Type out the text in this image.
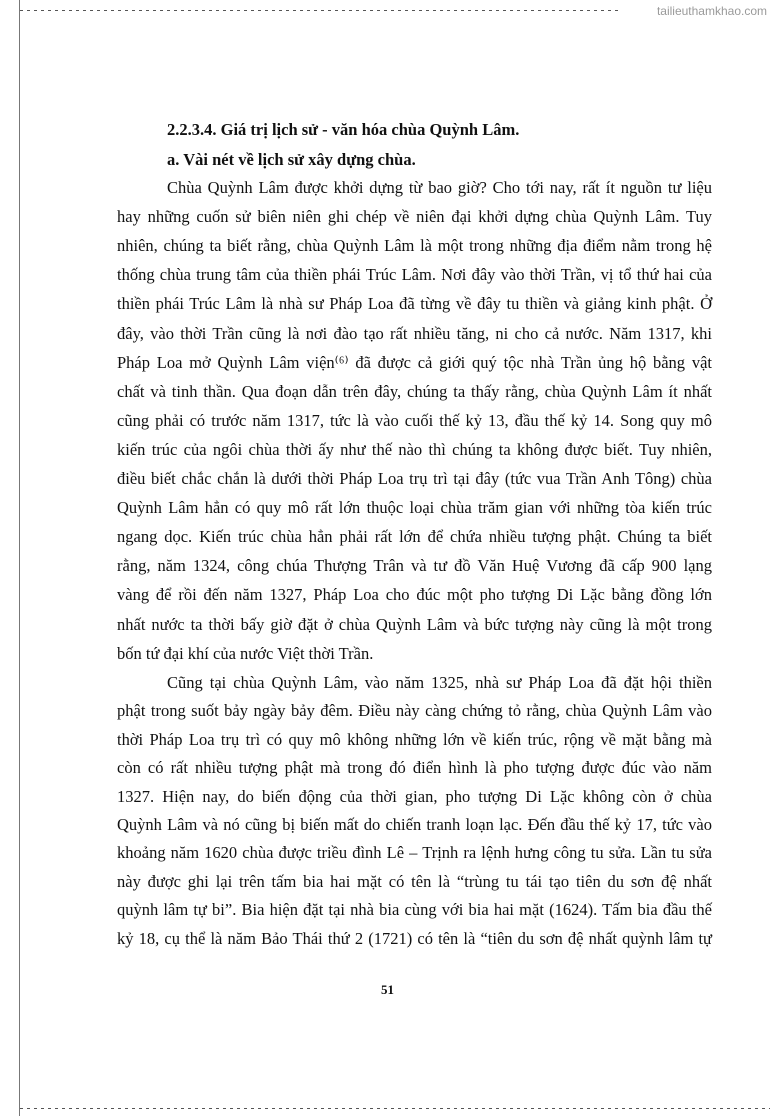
tailieuthamkhao.com
2.2.3.4. Giá trị lịch sử - văn hóa chùa Quỳnh Lâm.
a. Vài nét về lịch sử xây dựng chùa.
Chùa Quỳnh Lâm được khởi dựng từ bao giờ? Cho tới nay, rất ít nguồn tư liệu
hay những cuốn sử biên niên ghi chép về niên đại khởi dựng chùa Quỳnh Lâm. Tuy
nhiên, chúng ta biết rằng, chùa Quỳnh Lâm là một trong những địa điểm nằm trong hệ
thống chùa trung tâm của thiền phái Trúc Lâm. Nơi đây vào thời Trần, vị tổ thứ hai của
thiền phái Trúc Lâm là nhà sư Pháp Loa đã từng về đây tu thiền và giảng kinh phật. Ở
đây, vào thời Trần cũng là nơi đào tạo rất nhiều tăng, ni cho cả nước. Năm 1317, khi
Pháp Loa mở Quỳnh Lâm viện⁽⁶⁾ đã được cả giới quý tộc nhà Trần ủng hộ bằng vật
chất và tinh thần. Qua đoạn dẫn trên đây, chúng ta thấy rằng, chùa Quỳnh Lâm ít nhất
cũng phải có trước năm 1317, tức là vào cuối thế kỷ 13, đầu thế kỷ 14. Song quy mô
kiến trúc của ngôi chùa thời ấy như thế nào thì chúng ta không được biết. Tuy nhiên,
điều biết chắc chắn là dưới thời Pháp Loa trụ trì tại đây (tức vua Trần Anh Tông) chùa
Quỳnh Lâm hẳn có quy mô rất lớn thuộc loại chùa trăm gian với những tòa kiến trúc
ngang dọc. Kiến trúc chùa hẳn phải rất lớn để chứa nhiều tượng phật. Chúng ta biết
rằng, năm 1324, công chúa Thượng Trân và tư đồ Văn Huệ Vương đã cấp 900 lạng
vàng để rồi đến năm 1327, Pháp Loa cho đúc một pho tượng Di Lặc bằng đồng lớn
nhất nước ta thời bấy giờ đặt ở chùa Quỳnh Lâm và bức tượng này cũng là một trong
bốn tứ đại khí của nước Việt thời Trần.
Cũng tại chùa Quỳnh Lâm, vào năm 1325, nhà sư Pháp Loa đã đặt hội thiền
phật trong suốt bảy ngày bảy đêm. Điều này càng chứng tỏ rằng, chùa Quỳnh Lâm vào
thời Pháp Loa trụ trì có quy mô không những lớn về kiến trúc, rộng về mặt bằng mà
còn có rất nhiều tượng phật mà trong đó điển hình là pho tượng được đúc vào năm
1327. Hiện nay, do biến động của thời gian, pho tượng Di Lặc không còn ở chùa
Quỳnh Lâm và nó cũng bị biến mất do chiến tranh loạn lạc. Đến đầu thế kỷ 17, tức vào
khoảng năm 1620 chùa được triều đình Lê – Trịnh ra lệnh hưng công tu sửa. Lần tu sửa
này được ghi lại trên tấm bia hai mặt có tên là “trùng tu tái tạo tiên du sơn đệ nhất
quỳnh lâm tự bi”. Bia hiện đặt tại nhà bia cùng với bia hai mặt (1624). Tấm bia đầu thế
kỷ 18, cụ thể là năm Bảo Thái thứ 2 (1721) có tên là “tiên du sơn đệ nhất quỳnh lâm tự
51
